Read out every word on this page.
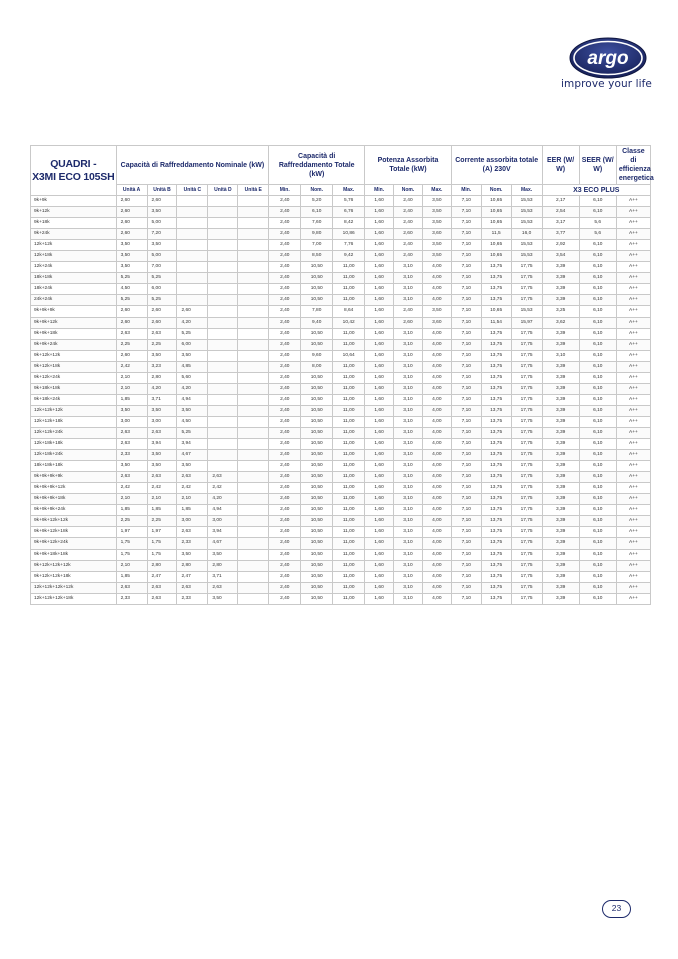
argo
improve your life
QUADRI -
X3MI ECO 105SH	Capacità di Raffreddamento Nominale (kW)					Capacità di Raffreddamento Totale (kW)			Potenza Assorbita Totale (kW)			Corrente assorbita totale (A) 230V			EER (W/ W)	SEER (W/ W)	Classe di efficienza energetica
	Unità A	Unità B	Unità C	Unità D	Unità E	Min.	Nom.	Max.	Min.	Nom.	Max.	Min.	Nom.	Max.	X3 ECO PLUS		
9k+9k	2,60	2,60				2,40	5,20	5,76	1,60	2,40	3,50	7,10	10,65	15,53	2,17	6,10	A++
9k+12k	2,60	3,50				2,40	6,10	6,76	1,60	2,40	3,50	7,10	10,65	15,53	2,54	6,10	A++
9k+18k	2,60	5,00				2,40	7,60	8,42	1,60	2,40	3,50	7,10	10,65	15,53	3,17	5,6	A++
9k+24k	2,60	7,20				2,40	9,80	10,86	1,60	2,60	3,60	7,10	11,5	16,0	3,77	5,6	A++
12k+12k	3,50	3,50				2,40	7,00	7,76	1,60	2,40	3,50	7,10	10,65	15,53	2,92	6,10	A++
12k+18k	3,50	5,00				2,40	8,50	9,42	1,60	2,40	3,50	7,10	10,65	15,53	3,54	6,10	A++
12k+24k	3,50	7,00				2,40	10,50	11,00	1,60	3,10	4,00	7,10	13,75	17,75	3,39	6,10	A++
18k+18k	5,25	5,25				2,40	10,50	11,00	1,60	3,10	4,00	7,10	13,75	17,75	3,39	6,10	A++
18k+24k	4,50	6,00				2,40	10,50	11,00	1,60	3,10	4,00	7,10	13,75	17,75	3,39	6,10	A++
24k+24k	5,25	5,25				2,40	10,50	11,00	1,60	3,10	4,00	7,10	13,75	17,75	3,39	6,10	A++
9k+9k+9k	2,60	2,60	2,60			2,40	7,80	8,64	1,60	2,40	3,50	7,10	10,65	15,53	3,25	6,10	A++
9k+9k+12k	2,60	2,60	4,20			2,40	9,40	10,42	1,60	2,60	3,60	7,10	11,54	15,97	3,62	6,10	A++
9k+9k+18k	2,63	2,63	5,25			2,40	10,50	11,00	1,60	3,10	4,00	7,10	13,75	17,75	3,39	6,10	A++
9k+9k+24k	2,25	2,25	6,00			2,40	10,50	11,00	1,60	3,10	4,00	7,10	13,75	17,75	3,39	6,10	A++
9k+12k+12k	2,60	3,50	3,50			2,40	9,60	10,64	1,60	3,10	4,00	7,10	13,75	17,75	3,10	6,10	A++
9k+12k+18k	2,42	3,23	4,85			2,40	8,00	11,00	1,60	3,10	4,00	7,10	13,75	17,75	3,39	6,10	A++
9k+12k+24k	2,10	2,80	5,60			2,40	10,50	11,00	1,60	3,10	4,00	7,10	13,75	17,75	3,39	6,10	A++
9k+18k+18k	2,10	4,20	4,20			2,40	10,50	11,00	1,60	3,10	4,00	7,10	13,75	17,75	3,39	6,10	A++
9k+18k+24k	1,85	3,71	4,94			2,40	10,50	11,00	1,60	3,10	4,00	7,10	13,75	17,75	3,39	6,10	A++
12k+12k+12k	3,50	3,50	3,50			2,40	10,50	11,00	1,60	3,10	4,00	7,10	13,75	17,75	3,39	6,10	A++
12k+12k+18k	3,00	3,00	4,50			2,40	10,50	11,00	1,60	3,10	4,00	7,10	13,75	17,75	3,39	6,10	A++
12k+12k+24k	2,63	2,63	5,25			2,40	10,50	11,00	1,60	3,10	4,00	7,10	13,75	17,75	3,39	6,10	A++
12k+18k+18k	2,63	3,94	3,94			2,40	10,50	11,00	1,60	3,10	4,00	7,10	13,75	17,75	3,39	6,10	A++
12k+18k+24k	2,33	3,50	4,67			2,40	10,50	11,00	1,60	3,10	4,00	7,10	13,75	17,75	3,39	6,10	A++
18k+18k+18k	3,50	3,50	3,50			2,40	10,50	11,00	1,60	3,10	4,00	7,10	13,75	17,75	3,39	6,10	A++
9k+9k+9k+9k	2,63	2,63	2,63	2,63		2,40	10,50	11,00	1,60	3,10	4,00	7,10	13,75	17,75	3,39	6,10	A++
9k+9k+9k+12k	2,42	2,42	2,42	2,42		2,40	10,50	11,00	1,60	3,10	4,00	7,10	13,75	17,75	3,39	6,10	A++
9k+9k+9k+18k	2,10	2,10	2,10	4,20		2,40	10,50	11,00	1,60	3,10	4,00	7,10	13,75	17,75	3,39	6,10	A++
9k+9k+9k+24k	1,85	1,85	1,85	4,94		2,40	10,50	11,00	1,60	3,10	4,00	7,10	13,75	17,75	3,39	6,10	A++
9k+9k+12k+12k	2,25	2,25	3,00	3,00		2,40	10,50	11,00	1,60	3,10	4,00	7,10	13,75	17,75	3,39	6,10	A++
9k+9k+12k+18k	1,97	1,97	2,63	3,94		2,40	10,50	11,00	1,60	3,10	4,00	7,10	13,75	17,75	3,39	6,10	A++
9k+9k+12k+24k	1,75	1,75	2,33	4,67		2,40	10,50	11,00	1,60	3,10	4,00	7,10	13,75	17,75	3,39	6,10	A++
9k+9k+18k+18k	1,75	1,75	3,50	3,50		2,40	10,50	11,00	1,60	3,10	4,00	7,10	13,75	17,75	3,39	6,10	A++
9k+12k+12k+12k	2,10	2,80	2,80	2,80		2,40	10,50	11,00	1,60	3,10	4,00	7,10	13,75	17,75	3,39	6,10	A++
9k+12k+12k+18k	1,85	2,47	2,47	3,71		2,40	10,50	11,00	1,60	3,10	4,00	7,10	13,75	17,75	3,39	6,10	A++
12k+12k+12k+12k	2,63	2,63	2,63	2,63		2,40	10,50	11,00	1,60	3,10	4,00	7,10	13,75	17,75	3,39	6,10	A++
12k+12k+12k+18k	2,33	2,63	2,33	3,50		2,40	10,50	11,00	1,60	3,10	4,00	7,10	13,75	17,75	3,39	6,10	A++
23
